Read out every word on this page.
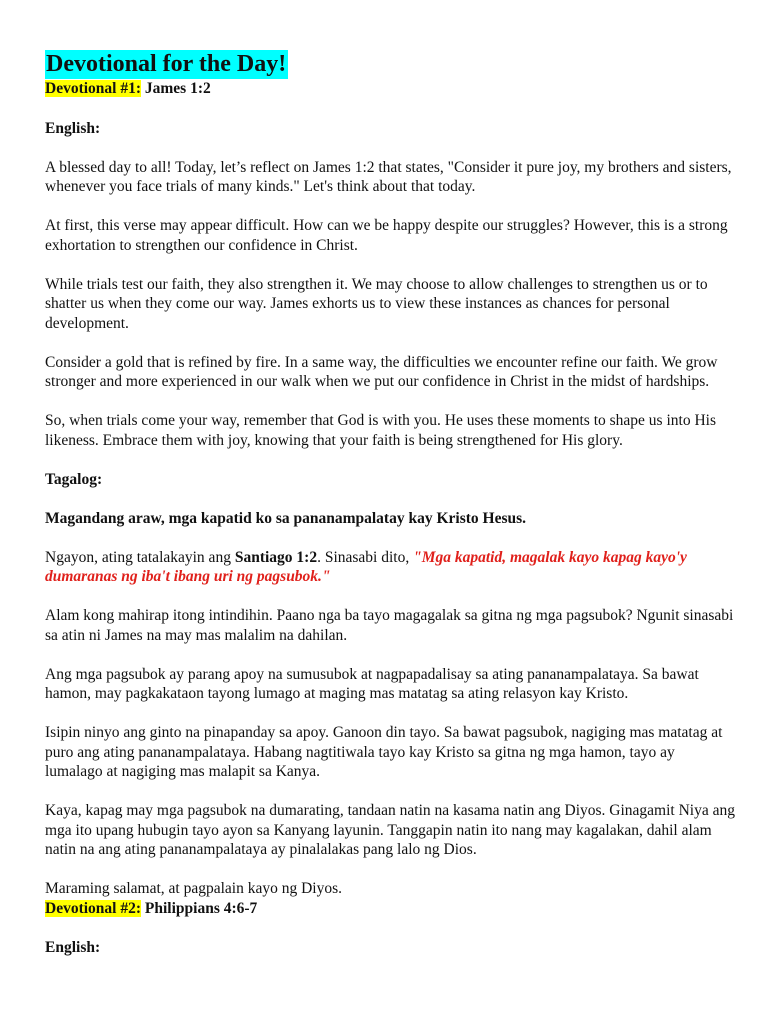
Devotional for the Day!
Devotional #1: James 1:2

English:

A blessed day to all! Today, let’s reflect on James 1:2 that states, "Consider it pure joy, my brothers and sisters, whenever you face trials of many kinds." Let's think about that today.

At first, this verse may appear difficult. How can we be happy despite our struggles? However, this is a strong exhortation to strengthen our confidence in Christ.

While trials test our faith, they also strengthen it. We may choose to allow challenges to strengthen us or to shatter us when they come our way. James exhorts us to view these instances as chances for personal development.

Consider a gold that is refined by fire. In a same way, the difficulties we encounter refine our faith. We grow stronger and more experienced in our walk when we put our confidence in Christ in the midst of hardships.

So, when trials come your way, remember that God is with you. He uses these moments to shape us into His likeness. Embrace them with joy, knowing that your faith is being strengthened for His glory.

Tagalog:

Magandang araw, mga kapatid ko sa pananampalatay kay Kristo Hesus.

Ngayon, ating tatalakayin ang Santiago 1:2. Sinasabi dito, "Mga kapatid, magalak kayo kapag kayo'y dumaranas ng iba't ibang uri ng pagsubok."

Alam kong mahirap itong intindihin. Paano nga ba tayo magagalak sa gitna ng mga pagsubok? Ngunit sinasabi sa atin ni James na may mas malalim na dahilan.

Ang mga pagsubok ay parang apoy na sumusubok at nagpapadalisay sa ating pananampalataya. Sa bawat hamon, may pagkakataon tayong lumago at maging mas matatag sa ating relasyon kay Kristo.

Isipin ninyo ang ginto na pinapanday sa apoy. Ganoon din tayo. Sa bawat pagsubok, nagiging mas matatag at puro ang ating pananampalataya. Habang nagtitiwala tayo kay Kristo sa gitna ng mga hamon, tayo ay lumalago at nagiging mas malapit sa Kanya.

Kaya, kapag may mga pagsubok na dumarating, tandaan natin na kasama natin ang Diyos. Ginagamit Niya ang mga ito upang hubugin tayo ayon sa Kanyang layunin. Tanggapin natin ito nang may kagalakan, dahil alam natin na ang ating pananampalataya ay pinalalakas pang lalo ng Dios.

Maraming salamat, at pagpalain kayo ng Diyos.

Devotional #2: Philippians 4:6-7

English:
